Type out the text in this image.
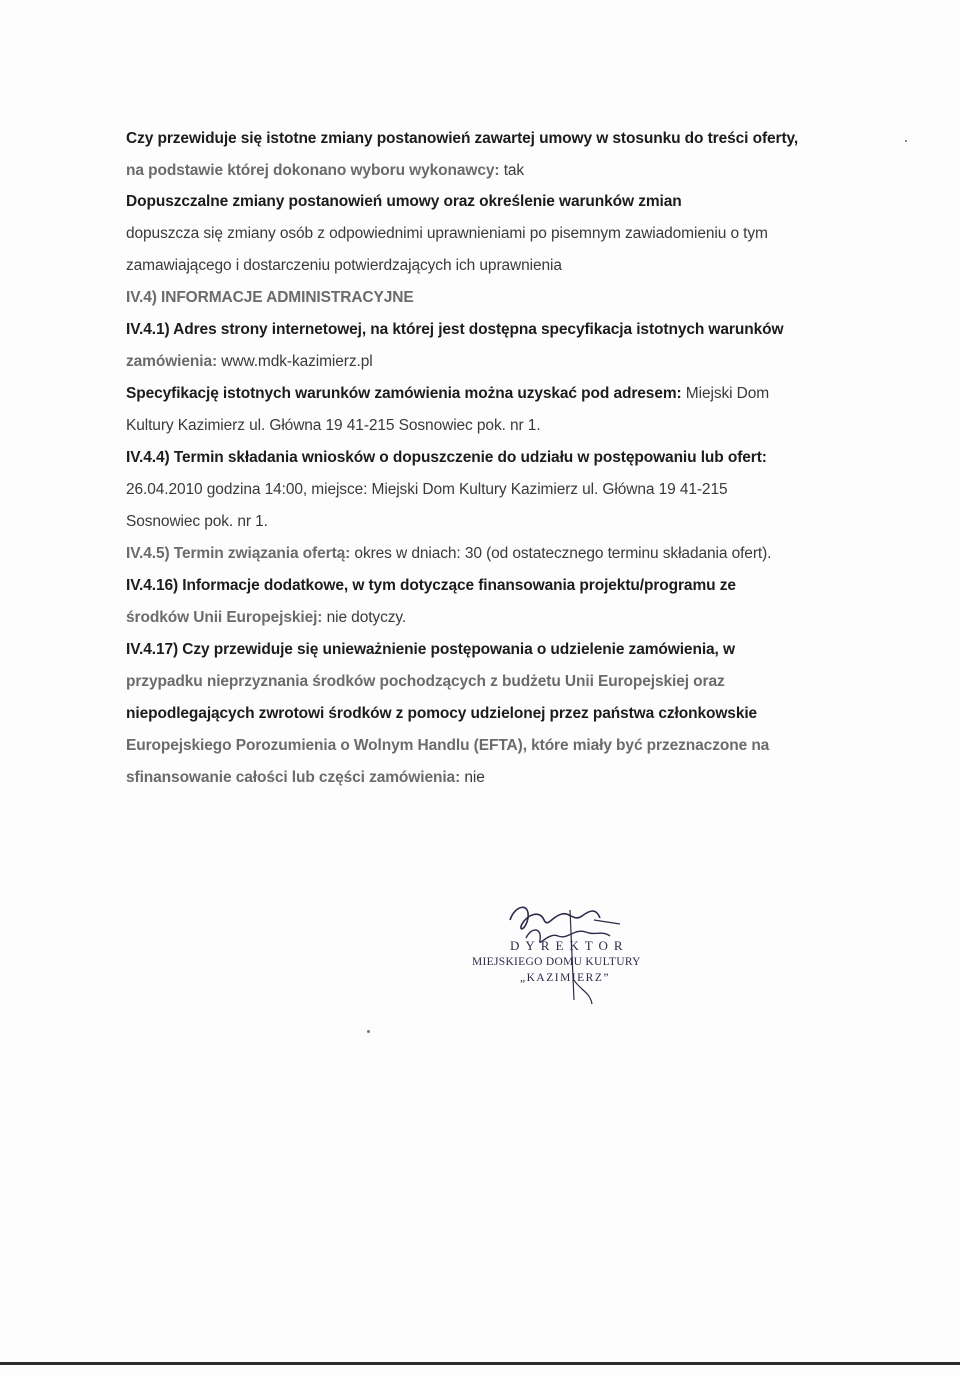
Czy przewiduje się istotne zmiany postanowień zawartej umowy w stosunku do treści oferty,
na podstawie której dokonano wyboru wykonawcy: tak
Dopuszczalne zmiany postanowień umowy oraz określenie warunków zmian
dopuszcza się zmiany osób z odpowiednimi uprawnieniami po pisemnym zawiadomieniu o tym
zamawiającego i dostarczeniu potwierdzających ich uprawnienia
IV.4) INFORMACJE ADMINISTRACYJNE
IV.4.1) Adres strony internetowej, na której jest dostępna specyfikacja istotnych warunków
zamówienia: www.mdk-kazimierz.pl
Specyfikację istotnych warunków zamówienia można uzyskać pod adresem: Miejski Dom
Kultury Kazimierz ul. Główna 19 41-215 Sosnowiec pok. nr 1.
IV.4.4) Termin składania wniosków o dopuszczenie do udziału w postępowaniu lub ofert:
26.04.2010 godzina 14:00, miejsce: Miejski Dom Kultury Kazimierz ul. Główna 19 41-215
Sosnowiec pok. nr 1.
IV.4.5) Termin związania ofertą: okres w dniach: 30 (od ostatecznego terminu składania ofert).
IV.4.16) Informacje dodatkowe, w tym dotyczące finansowania projektu/programu ze
środków Unii Europejskiej: nie dotyczy.
IV.4.17) Czy przewiduje się unieważnienie postępowania o udzielenie zamówienia, w
przypadku nieprzyznania środków pochodzących z budżetu Unii Europejskiej oraz
niepodlegających zwrotowi środków z pomocy udzielonej przez państwa członkowskie
Europejskiego Porozumienia o Wolnym Handlu (EFTA), które miały być przeznaczone na
sfinansowanie całości lub części zamówienia: nie
DYREKTOR
MIEJSKIEGO DOMU KULTURY
„KAZIMIERZ”
